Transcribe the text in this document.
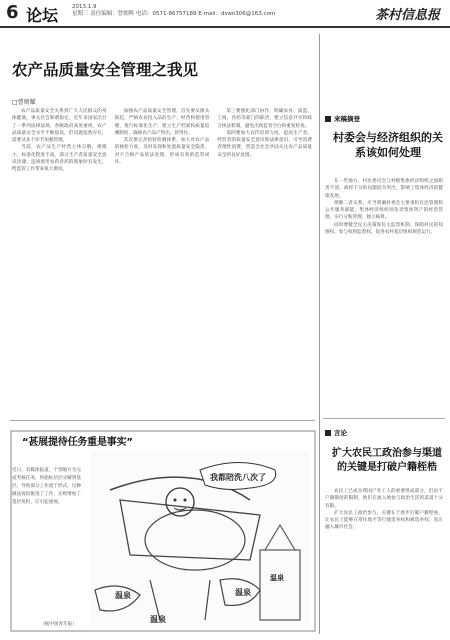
6 论坛	2013.1.9
星期三 责任编辑：曾朗辉 电话：0571-86757189 E-mail：dswn306@163.com	茶村信息报
农产品质量安全管理之我见
□曹则耀

农产品质量安全关系到广大人民群众的身体健康，事关社会和谐稳定，近年来国家出台了一系列法律法规，各级政府高度重视，农产品质量安全水平不断提高，但问题依然存在，需要从多个环节加强管理。

当前，农产品生产经营主体分散，规模小，标准化程度不高，部分生产者质量安全意识淡薄，违规使用农药兽药的现象时有发生，给监管工作带来很大难度。

加强农产品质量安全管理，首先要从源头抓起，严格农业投入品的生产、经营和使用管理，推行标准化生产，建立生产档案和质量追溯制度，确保农产品产得出、管得住。

其次要完善检验检测体系，加大对农产品的抽检力度，及时发现和处置质量安全隐患，对不合格产品依法处理，形成有效的监管闭环。

第三要强化部门协作，明确农业、质监、工商、食药等部门的职责，建立信息共享和联合执法机制，避免出现监管空白和重复检查。

第四要加大宣传培训力度，提高生产者、经营者的质量安全意识和法律意识，引导消费者理性消费，营造全社会共同关注农产品质量安全的良好氛围。

来稿摘登
村委会与经济组织的关系该如何处理

在一些地方，村民委员会与村级集体经济组织之间职责不清、政经不分的问题较为突出，影响了集体经济的健康发展。

理顺二者关系，应当明确村委会主要承担自治管理和公共服务职能，集体经济组织则负责集体资产的经营管理，实行分账管理、独立核算。

同时要健全民主决策和民主监督机制，保障村民的知情权、参与权和监督权，促进农村基层组织规范运行。

我都陪洗八次了
温泉	温泉
温泉
温泉
“甚展提待任务重是事实”
近日，有媒体报道，个别地方为完成考核任务，将指标层层分解到基层，导致部分工作流于形式。这种做法看似推进了工作，实则增加了基层负担，应引起重视。
（据中国青年报）
言论
扩大农民工政治参与渠道的关键是打破户籍桎梏

农民工已成为我国产业工人的重要组成部分，但由于户籍制度的限制，他们在流入地参与政治生活的渠道十分有限。

扩大农民工政治参与，关键在于逐步打破户籍壁垒，让农民工能够在常住地平等行使选举权和被选举权，真正融入城市社会。
